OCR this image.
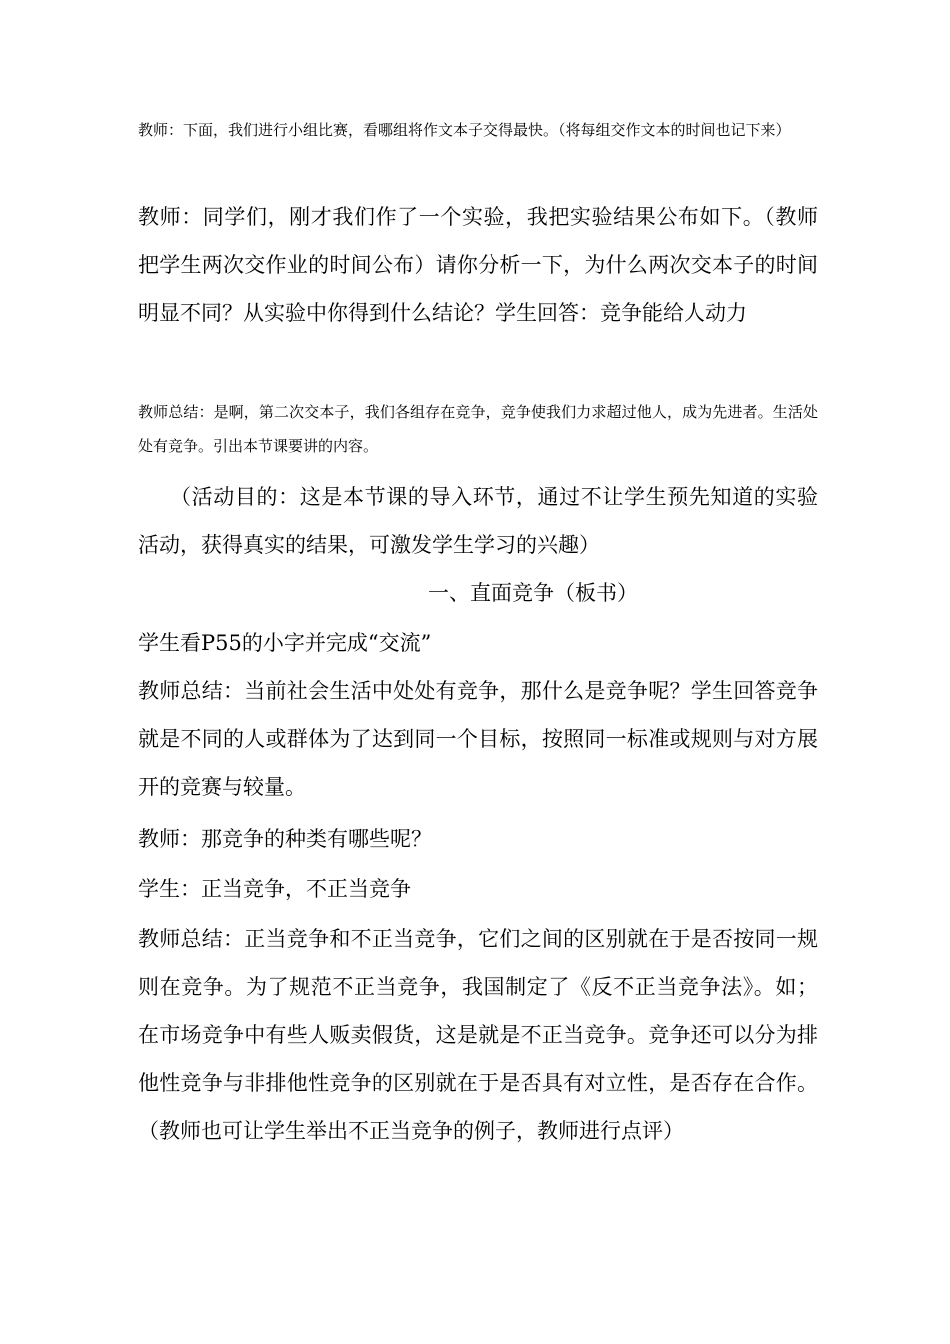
教师：下面，我们进行小组比赛，看哪组将作文本子交得最快。（将每组交作文本的时间也记下来）

教师：同学们，刚才我们作了一个实验，我把实验结果公布如下。（教师把学生两次交作业的时间公布）请你分析一下，为什么两次交本子的时间明显不同？从实验中你得到什么结论？学生回答：竞争能给人动力

教师总结：是啊，第二次交本子，我们各组存在竞争，竞争使我们力求超过他人，成为先进者。生活处处有竞争。引出本节课要讲的内容。

（活动目的：这是本节课的导入环节，通过不让学生预先知道的实验活动，获得真实的结果，可激发学生学习的兴趣）

一、直面竞争（板书）

学生看P55的小字并完成“交流”

教师总结：当前社会生活中处处有竞争，那什么是竞争呢？学生回答竞争就是不同的人或群体为了达到同一个目标，按照同一标准或规则与对方展开的竞赛与较量。

教师：那竞争的种类有哪些呢？

学生：正当竞争，不正当竞争

教师总结：正当竞争和不正当竞争，它们之间的区别就在于是否按同一规则在竞争。为了规范不正当竞争，我国制定了《反不正当竞争法》。如；在市场竞争中有些人贩卖假货，这是就是不正当竞争。竞争还可以分为排他性竞争与非排他性竞争的区别就在于是否具有对立性，是否存在合作。（教师也可让学生举出不正当竞争的例子，教师进行点评）
